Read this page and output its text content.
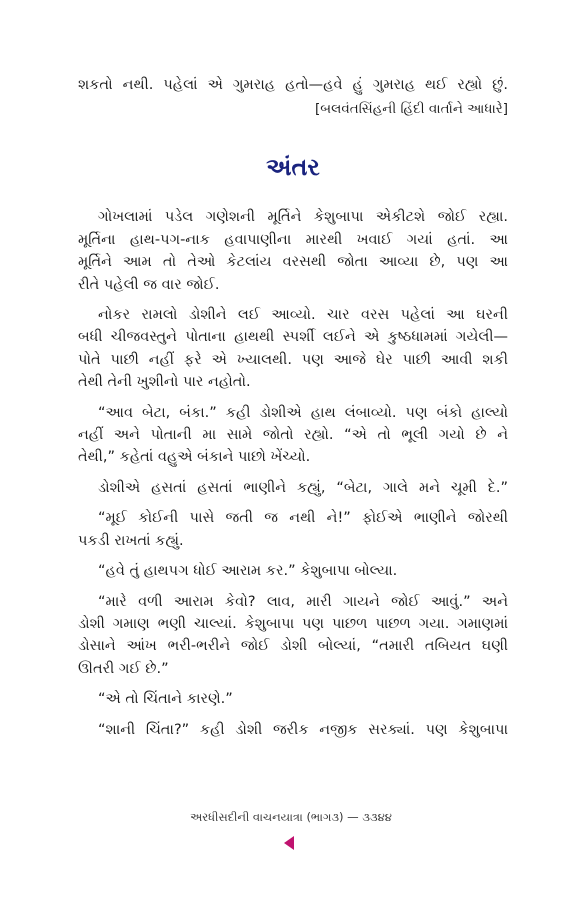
શકતો નથી. પહેલાં એ ગુમરાહ હતો—હવે હું ગુમરાહ થઈ રહ્યો છું.
[બલવંતસિંહની હિંદી વાર્તાને આધારે]
અંતર
ગોખલામાં પડેલ ગણેશની મૂર્તિને કેશુબાપા એકીટશે જોઈ રહ્યા.
મૂર્તિના હાથ-પગ-નાક હવાપાણીના મારથી ખવાઈ ગયાં હતાં. આ
મૂર્તિને આમ તો તેઓ કેટલાંય વરસથી જોતા આવ્યા છે, પણ આ
રીતે પહેલી જ વાર જોઈ.
નોકર રામલો ડોશીને લઈ આવ્યો. ચાર વરસ પહેલાં આ ઘરની
બધી ચીજવસ્તુને પોતાના હાથથી સ્પર્શી લઈને એ કુષ્ઠધામમાં ગયેલી—
પોતે પાછી નહીં ફરે એ ખ્યાલથી. પણ આજે ઘેર પાછી આવી શકી
તેથી તેની ખુશીનો પાર નહોતો.
“આવ બેટા, બંકા.” કહી ડોશીએ હાથ લંબાવ્યો. પણ બંકો હાલ્યો
નહીં અને પોતાની મા સામે જોતો રહ્યો. “એ તો ભૂલી ગયો છે ને
તેથી,” કહેતાં વહુએ બંકાને પાછો ખેંચ્યો.
ડોશીએ હસતાં હસતાં ભાણીને કહ્યું, “બેટા, ગાલે મને ચૂમી દે.”
“મૂઈ કોઈની પાસે જતી જ નથી ને!” ફોઈએ ભાણીને જોરથી
પકડી રાખતાં કહ્યું.
“હવે તું હાથપગ ધોઈ આરામ કર.” કેશુબાપા બોલ્યા.
“મારે વળી આરામ કેવો? લાવ, મારી ગાયને જોઈ આવું.” અને
ડોશી ગમાણ ભણી ચાલ્યાં. કેશુબાપા પણ પાછળ પાછળ ગયા. ગમાણમાં
ડોસાને આંખ ભરી-ભરીને જોઈ ડોશી બોલ્યાં, “તમારી તબિયત ઘણી
ઊતરી ગઈ છે.”
“એ તો ચિંતાને કારણે.”
“શાની ચિંતા?” કહી ડોશી જરીક નજીક સરક્યાં. પણ કેશુબાપા
અરધીસદીની વાચનયાત્રા (ભાગ૩) — ૩૩૪૪
